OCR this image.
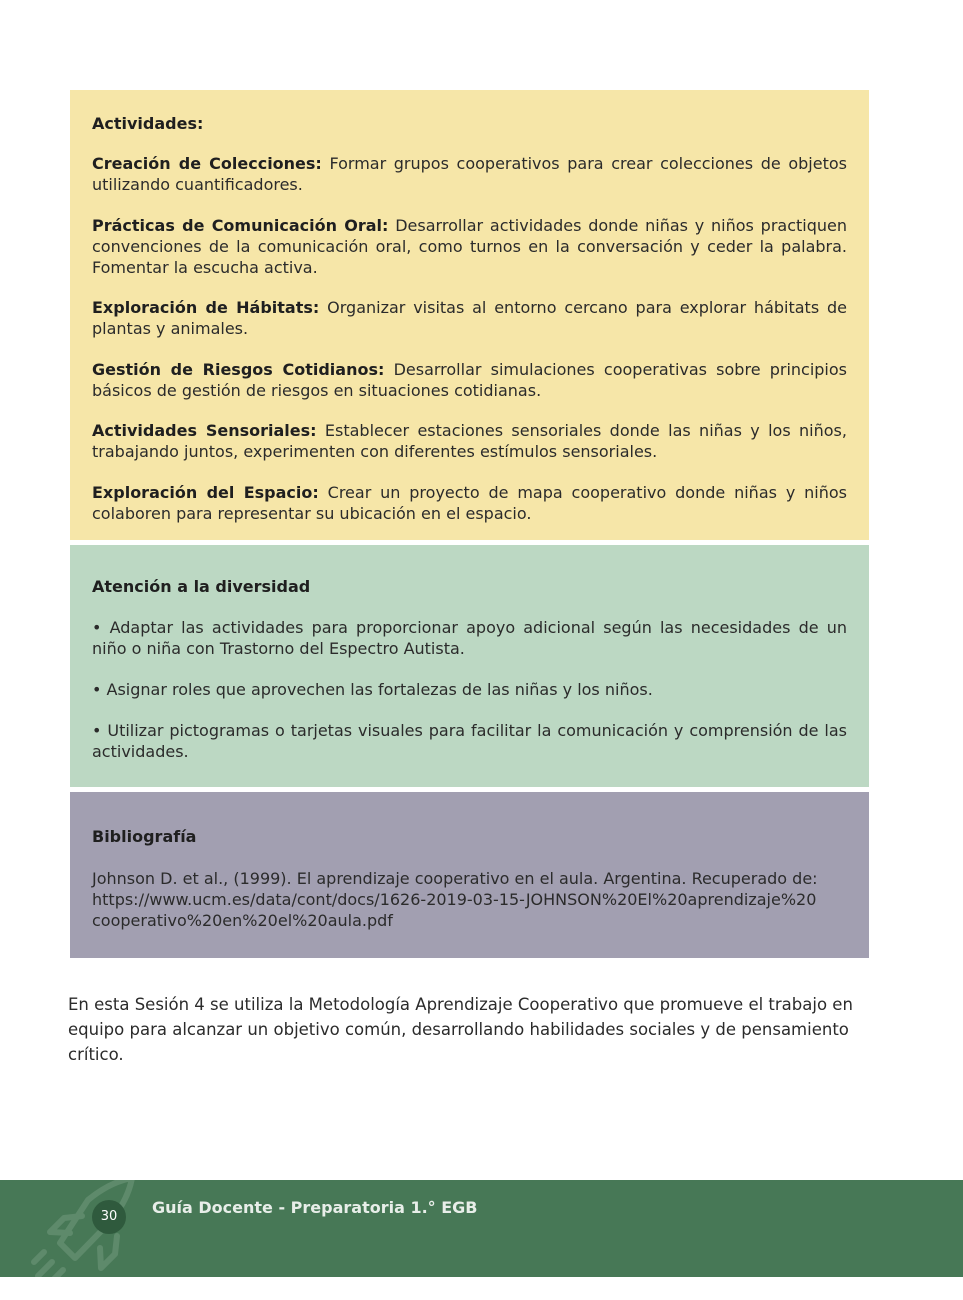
Actividades:

Creación de Colecciones: Formar grupos cooperativos para crear colecciones de objetos utilizando cuantificadores.

Prácticas de Comunicación Oral: Desarrollar actividades donde niñas y niños practiquen convenciones de la comunicación oral, como turnos en la conversación y ceder la palabra. Fomentar la escucha activa.

Exploración de Hábitats: Organizar visitas al entorno cercano para explorar hábitats de plantas y animales.

Gestión de Riesgos Cotidianos: Desarrollar simulaciones cooperativas sobre principios básicos de gestión de riesgos en situaciones cotidianas.

Actividades Sensoriales: Establecer estaciones sensoriales donde las niñas y los niños, trabajando juntos, experimenten con diferentes estímulos sensoriales.

Exploración del Espacio: Crear un proyecto de mapa cooperativo donde niñas y niños colaboren para representar su ubicación en el espacio.

Atención a la diversidad

• Adaptar las actividades para proporcionar apoyo adicional según las necesidades de un niño o niña con Trastorno del Espectro Autista.

• Asignar roles que aprovechen las fortalezas de las niñas y los niños.

• Utilizar pictogramas o tarjetas visuales para facilitar la comunicación y comprensión de las actividades.

Bibliografía

Johnson D. et al., (1999). El aprendizaje cooperativo en el aula. Argentina. Recuperado de:
https://www.ucm.es/data/cont/docs/1626-2019-03-15-JOHNSON%20El%20aprendizaje%20
cooperativo%20en%20el%20aula.pdf

En esta Sesión 4 se utiliza la Metodología Aprendizaje Cooperativo que promueve el trabajo en equipo para alcanzar un objetivo común, desarrollando habilidades sociales y de pensamiento crítico.

30	Guía Docente - Preparatoria 1.° EGB
